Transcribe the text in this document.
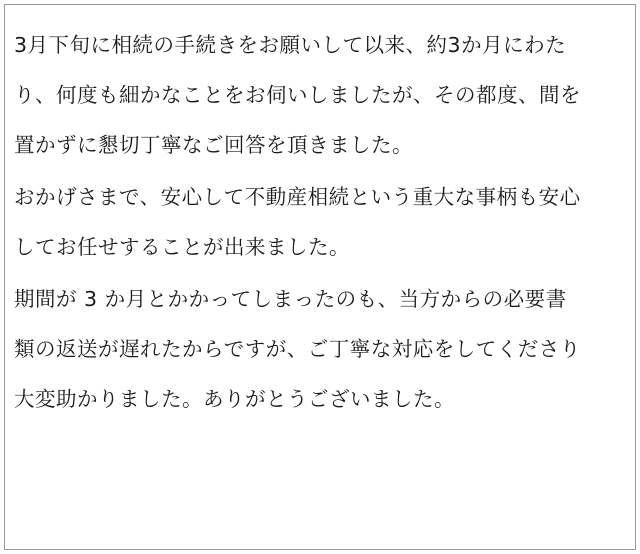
3月下旬に相続の手続きをお願いして以来、約3か月にわた
り、何度も細かなことをお伺いしましたが、その都度、間を
置かずに懇切丁寧なご回答を頂きました。
おかげさまで、安心して不動産相続という重大な事柄も安心
してお任せすることが出来ました。
期間が 3 か月とかかってしまったのも、当方からの必要書
類の返送が遅れたからですが、ご丁寧な対応をしてくださり
大変助かりました。ありがとうございました。
